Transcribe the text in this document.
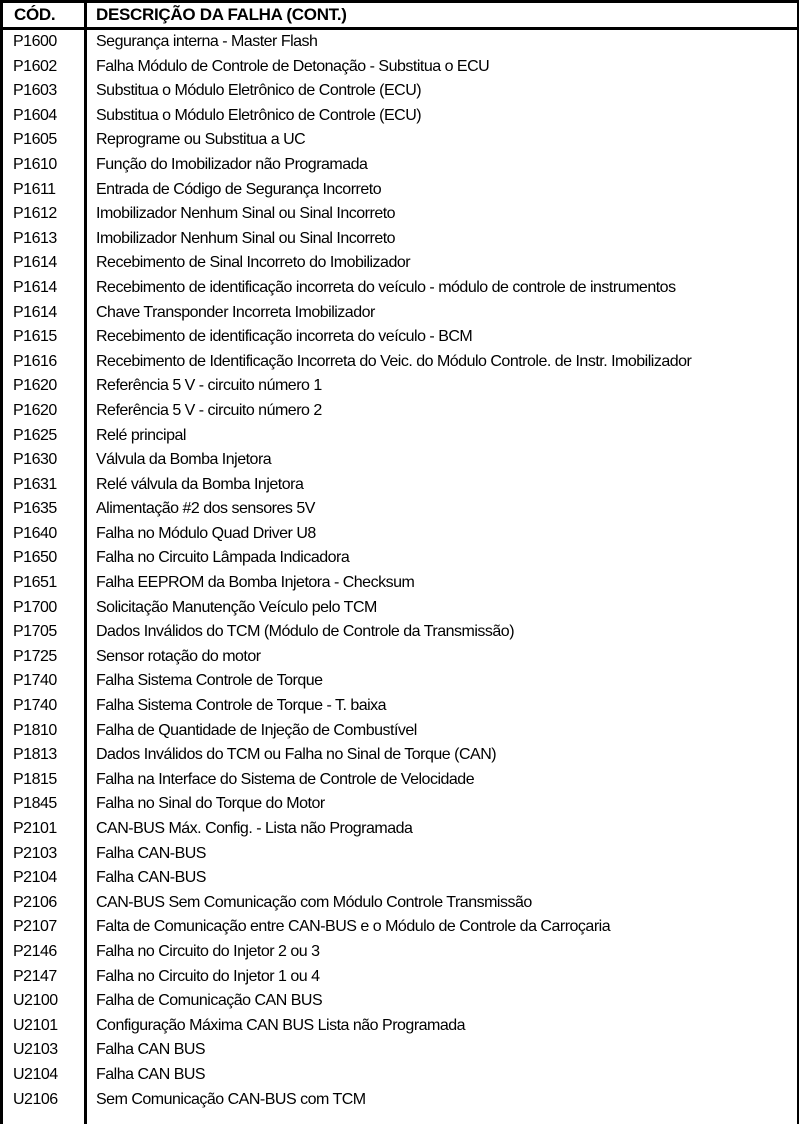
CÓD. DESCRIÇÃO DA FALHA (CONT.)
P1600 Segurança interna - Master Flash
P1602 Falha Módulo de Controle de Detonação - Substitua o ECU
P1603 Substitua o Módulo Eletrônico de Controle (ECU)
P1604 Substitua o Módulo Eletrônico de Controle (ECU)
P1605 Reprograme ou Substitua a UC
P1610 Função do Imobilizador não Programada
P1611	Entrada de Código de Segurança Incorreto
P1612 Imobilizador Nenhum Sinal ou Sinal Incorreto
P1613 Imobilizador Nenhum Sinal ou Sinal Incorreto
P1614 Recebimento de Sinal Incorreto do Imobilizador
P1614 Recebimento de identificação incorreta do veículo - módulo de controle de instrumentos
P1614 Chave Transponder Incorreta Imobilizador
P1615 Recebimento de identificação incorreta do veículo - BCM
P1616 Recebimento de Identificação Incorreta do Veic. do Módulo Controle. de Instr. Imobilizador
P1620 Referência 5 V - circuito número 1
P1620 Referência 5 V - circuito número 2
P1625 Relé principal
P1630 Válvula da Bomba Injetora
P1631 Relé válvula da Bomba Injetora
P1635 Alimentação #2 dos sensores 5V
P1640 Falha no Módulo Quad Driver U8
P1650 Falha no Circuito Lâmpada Indicadora
P1651 Falha EEPROM da Bomba Injetora - Checksum
P1700 Solicitação Manutenção Veículo pelo TCM
P1705 Dados Inválidos do TCM (Módulo de Controle da Transmissão)
P1725 Sensor rotação do motor
P1740 Falha Sistema Controle de Torque
P1740 Falha Sistema Controle de Torque - T. baixa
P1810 Falha de Quantidade de Injeção de Combustível
P1813 Dados Inválidos do TCM ou Falha no Sinal de Torque (CAN)
P1815 Falha na Interface do Sistema de Controle de Velocidade
P1845 Falha no Sinal do Torque do Motor
P2101 CAN-BUS Máx. Config. - Lista não Programada
P2103 Falha CAN-BUS
P2104 Falha CAN-BUS
P2106 CAN-BUS Sem Comunicação com Módulo Controle Transmissão
P2107 Falta de Comunicação entre CAN-BUS e o Módulo de Controle da Carroçaria
P2146 Falha no Circuito do Injetor 2 ou 3
P2147 Falha no Circuito do Injetor 1 ou 4
U2100 Falha de Comunicação CAN BUS
U2101 Configuração Máxima CAN BUS Lista não Programada
U2103 Falha CAN BUS
U2104 Falha CAN BUS
U2106 Sem Comunicação CAN-BUS com TCM
